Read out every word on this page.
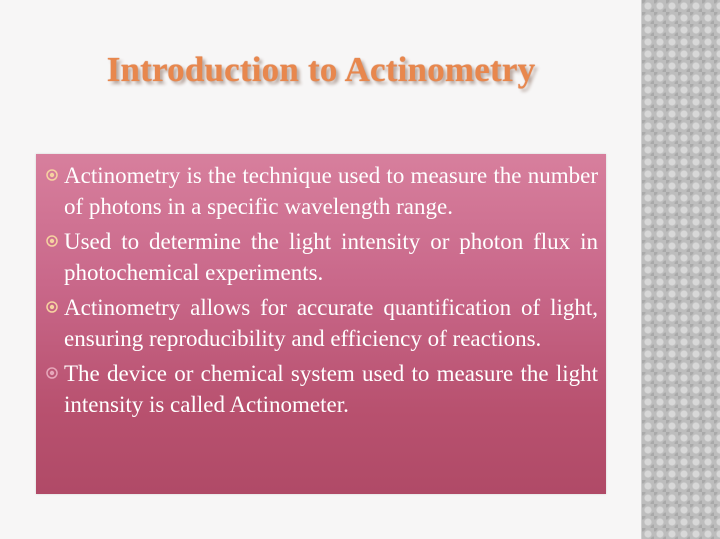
Introduction to Actinometry
Actinometry is the technique used to measure the number of photons in a specific wavelength range.
Used to determine the light intensity or photon flux in photochemical experiments.
Actinometry allows for accurate quantification of light, ensuring reproducibility and efficiency of reactions.
The device or chemical system used to measure the light intensity is called Actinometer.
